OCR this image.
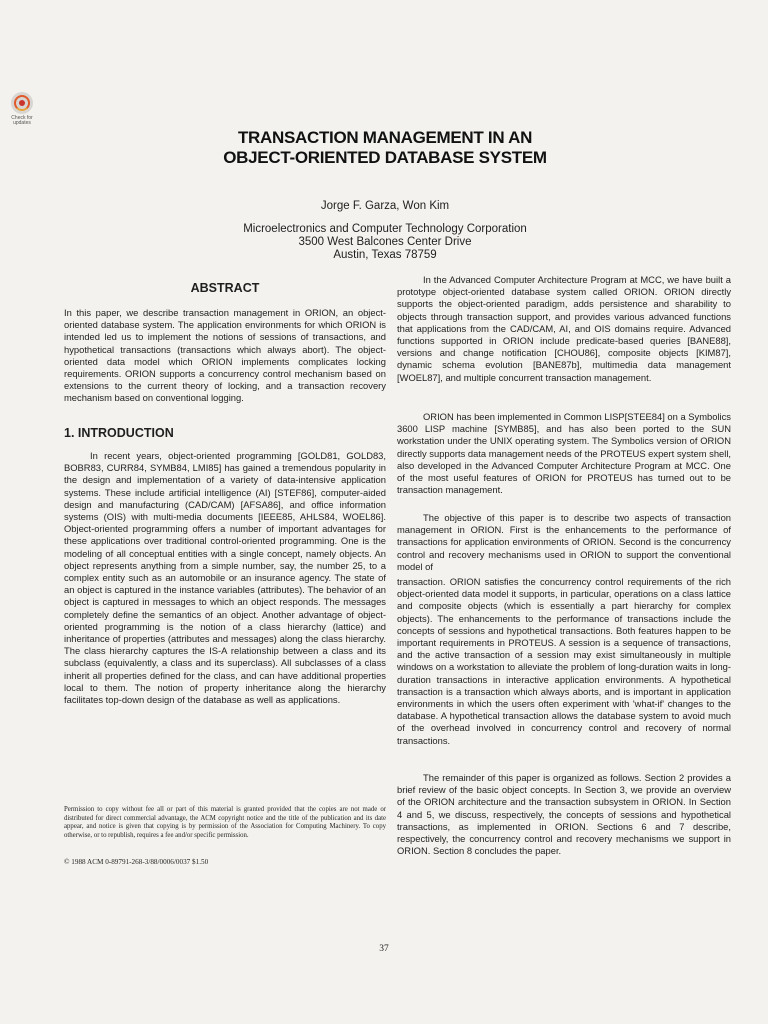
Check for updates
TRANSACTION MANAGEMENT IN AN
OBJECT-ORIENTED DATABASE SYSTEM
Jorge F. Garza, Won Kim
Microelectronics and Computer Technology Corporation
3500 West Balcones Center Drive
Austin, Texas 78759
ABSTRACT

In this paper, we describe transaction management in ORION, an object-oriented database system. The application environments for which ORION is intended led us to implement the notions of sessions of transactions, and hypothetical transactions (transactions which always abort). The object-oriented data model which ORION implements complicates locking requirements. ORION supports a concurrency control mechanism based on extensions to the current theory of locking, and a transaction recovery mechanism based on conventional logging.

1. INTRODUCTION

In recent years, object-oriented programming [GOLD81, GOLD83, BOBR83, CURR84, SYMB84, LMI85] has gained a tremendous popularity in the design and implementation of a variety of data-intensive application systems. These include artificial intelligence (AI) [STEF86], computer-aided design and manufacturing (CAD/CAM) [AFSA86], and office information systems (OIS) with multi-media documents [IEEE85, AHLS84, WOEL86]. Object-oriented programming offers a number of important advantages for these applications over traditional control-oriented programming. One is the modeling of all conceptual entities with a single concept, namely objects. An object represents anything from a simple number, say, the number 25, to a complex entity such as an automobile or an insurance agency. The state of an object is captured in the instance variables (attributes). The behavior of an object is captured in messages to which an object responds. The messages completely define the semantics of an object. Another advantage of object-oriented programming is the notion of a class hierarchy (lattice) and inheritance of properties (attributes and messages) along the class hierarchy. The class hierarchy captures the IS-A relationship between a class and its subclass (equivalently, a class and its superclass). All subclasses of a class inherit all properties defined for the class, and can have additional properties local to them. The notion of property inheritance along the hierarchy facilitates top-down design of the database as well as applications.

In the Advanced Computer Architecture Program at MCC, we have built a prototype object-oriented database system called ORION. ORION directly supports the object-oriented paradigm, adds persistence and sharability to objects through transaction support, and provides various advanced functions that applications from the CAD/CAM, AI, and OIS domains require. Advanced functions supported in ORION include predicate-based queries [BANE88], versions and change notification [CHOU86], composite objects [KIM87], dynamic schema evolution [BANE87b], multimedia data management [WOEL87], and multiple concurrent transaction management.

ORION has been implemented in Common LISP[STEE84] on a Symbolics 3600 LISP machine [SYMB85], and has also been ported to the SUN workstation under the UNIX operating system. The Symbolics version of ORION directly supports data management needs of the PROTEUS expert system shell, also developed in the Advanced Computer Architecture Program at MCC. One of the most useful features of ORION for PROTEUS has turned out to be transaction management.

The objective of this paper is to describe two aspects of transaction management in ORION. First is the enhancements to the performance of transactions for application environments of ORION. Second is the concurrency control and recovery mechanisms used in ORION to support the conventional model of

transaction. ORION satisfies the concurrency control requirements of the rich object-oriented data model it supports, in particular, operations on a class lattice and composite objects (which is essentially a part hierarchy for complex objects). The enhancements to the performance of transactions include the concepts of sessions and hypothetical transactions. Both features happen to be important requirements in PROTEUS. A session is a sequence of transactions, and the active transaction of a session may exist simultaneously in multiple windows on a workstation to alleviate the problem of long-duration waits in long-duration transactions in interactive application environments. A hypothetical transaction is a transaction which always aborts, and is important in application environments in which the users often experiment with 'what-if' changes to the database. A hypothetical transaction allows the database system to avoid much of the overhead involved in concurrency control and recovery of normal transactions.

The remainder of this paper is organized as follows. Section 2 provides a brief review of the basic object concepts. In Section 3, we provide an overview of the ORION architecture and the transaction subsystem in ORION. In Section 4 and 5, we discuss, respectively, the concepts of sessions and hypothetical transactions, as implemented in ORION. Sections 6 and 7 describe, respectively, the concurrency control and recovery mechanisms we support in ORION. Section 8 concludes the paper.

Permission to copy without fee all or part of this material is granted provided that the copies are not made or distributed for direct commercial advantage, the ACM copyright notice and the title of the publication and its date appear, and notice is given that copying is by permission of the Association for Computing Machinery. To copy otherwise, or to republish, requires a fee and/or specific permission.
© 1988 ACM 0-89791-268-3/88/0006/0037 $1.50
37
